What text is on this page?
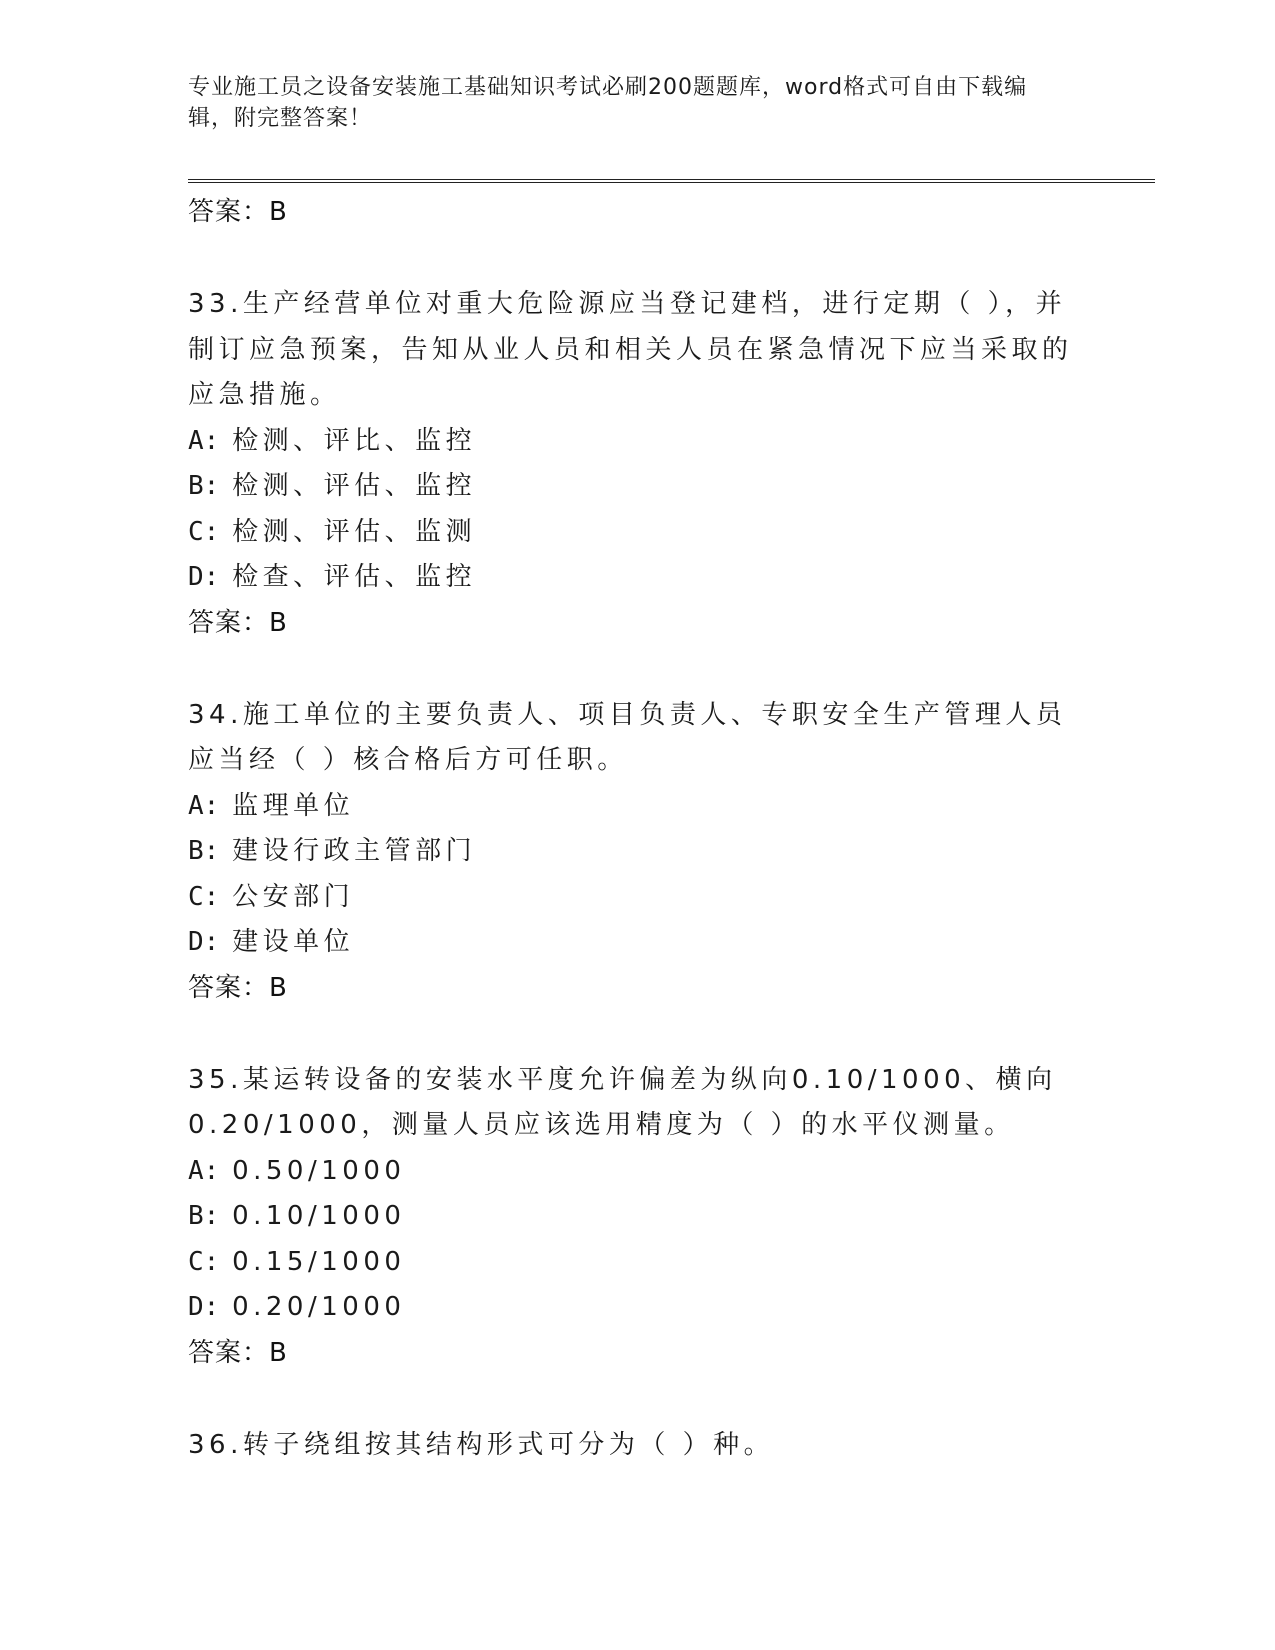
专业施工员之设备安装施工基础知识考试必刷200题题库，word格式可自由下载编辑，附完整答案！
答案：B

33.生产经营单位对重大危险源应当登记建档，进行定期（ ），并制订应急预案，告知从业人员和相关人员在紧急情况下应当采取的应急措施。

A: 检测、评比、监控
B: 检测、评估、监控
C: 检测、评估、监测
D: 检查、评估、监控
答案：B

34.施工单位的主要负责人、项目负责人、专职安全生产管理人员应当经（ ）核合格后方可任职。

A: 监理单位
B: 建设行政主管部门
C: 公安部门
D: 建设单位
答案：B

35.某运转设备的安装水平度允许偏差为纵向0.10/1000、横向0.20/1000，测量人员应该选用精度为（ ）的水平仪测量。

A: 0.50/1000
B: 0.10/1000
C: 0.15/1000
D: 0.20/1000
答案：B

36.转子绕组按其结构形式可分为（ ）种。
